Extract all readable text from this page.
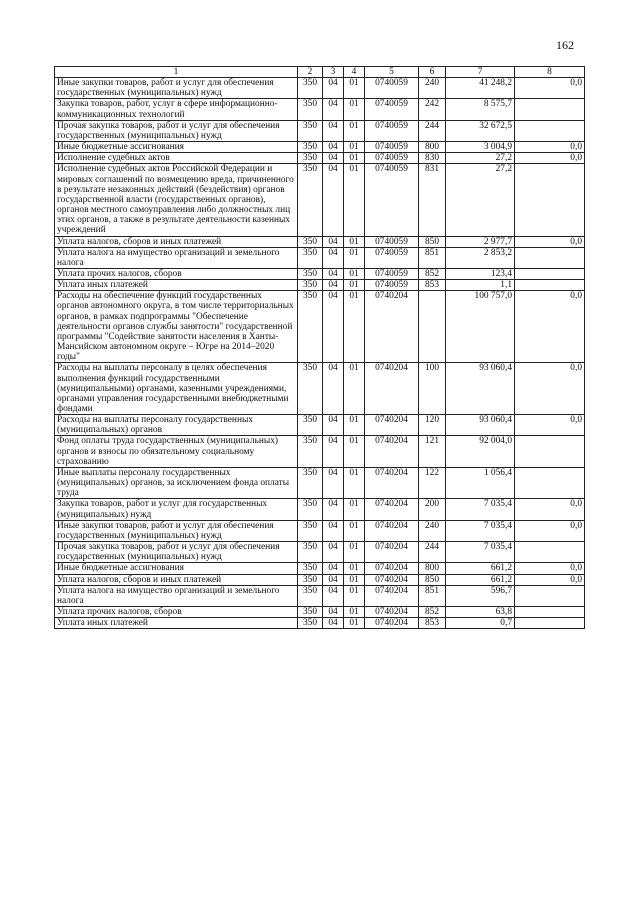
162
1	2	3	4	5	6	7	8
Иные закупки товаров, работ и услуг для обеспечения государственных (муниципальных) нужд	350	04	01	0740059	240	41 248,2	0,0
Закупка товаров, работ, услуг в сфере информационно-коммуникационных технологий	350	04	01	0740059	242	8 575,7	
Прочая закупка товаров, работ и услуг для обеспечения государственных (муниципальных) нужд	350	04	01	0740059	244	32 672,5	
Иные бюджетные ассигнования	350	04	01	0740059	800	3 004,9	0,0
Исполнение судебных актов	350	04	01	0740059	830	27,2	0,0
Исполнение судебных актов Российской Федерации и мировых соглашений по возмещению вреда, причиненного в результате незаконных действий (бездействия) органов государственной власти (государственных органов), органов местного самоуправления либо должностных лиц этих органов, а также в результате деятельности казенных учреждений	350	04	01	0740059	831	27,2	
Уплата налогов, сборов и иных платежей	350	04	01	0740059	850	2 977,7	0,0
Уплата налога на имущество организаций и земельного налога	350	04	01	0740059	851	2 853,2	
Уплата прочих налогов, сборов	350	04	01	0740059	852	123,4	
Уплата иных платежей	350	04	01	0740059	853	1,1	
Расходы на обеспечение функций государственных органов автономного округа, в том числе территориальных органов, в рамках подпрограммы "Обеспечение деятельности органов службы занятости" государственной программы "Содействие занятости населения в Ханты-Мансийском автономном округе – Югре на 2014–2020 годы"	350	04	01	0740204		100 757,0	0,0
Расходы на выплаты персоналу в целях обеспечения выполнения функций государственными (муниципальными) органами, казенными учреждениями, органами управления государственными внебюджетными фондами	350	04	01	0740204	100	93 060,4	0,0
Расходы на выплаты персоналу государственных (муниципальных) органов	350	04	01	0740204	120	93 060,4	0,0
Фонд оплаты труда государственных (муниципальных) органов и взносы по обязательному социальному страхованию	350	04	01	0740204	121	92 004,0	
Иные выплаты персоналу государственных (муниципальных) органов, за исключением фонда оплаты труда	350	04	01	0740204	122	1 056,4	
Закупка товаров, работ и услуг для государственных (муниципальных) нужд	350	04	01	0740204	200	7 035,4	0,0
Иные закупки товаров, работ и услуг для обеспечения государственных (муниципальных) нужд	350	04	01	0740204	240	7 035,4	0,0
Прочая закупка товаров, работ и услуг для обеспечения государственных (муниципальных) нужд	350	04	01	0740204	244	7 035,4	
Иные бюджетные ассигнования	350	04	01	0740204	800	661,2	0,0
Уплата налогов, сборов и иных платежей	350	04	01	0740204	850	661,2	0,0
Уплата налога на имущество организаций и земельного налога	350	04	01	0740204	851	596,7	
Уплата прочих налогов, сборов	350	04	01	0740204	852	63,8	
Уплата иных платежей	350	04	01	0740204	853	0,7	
